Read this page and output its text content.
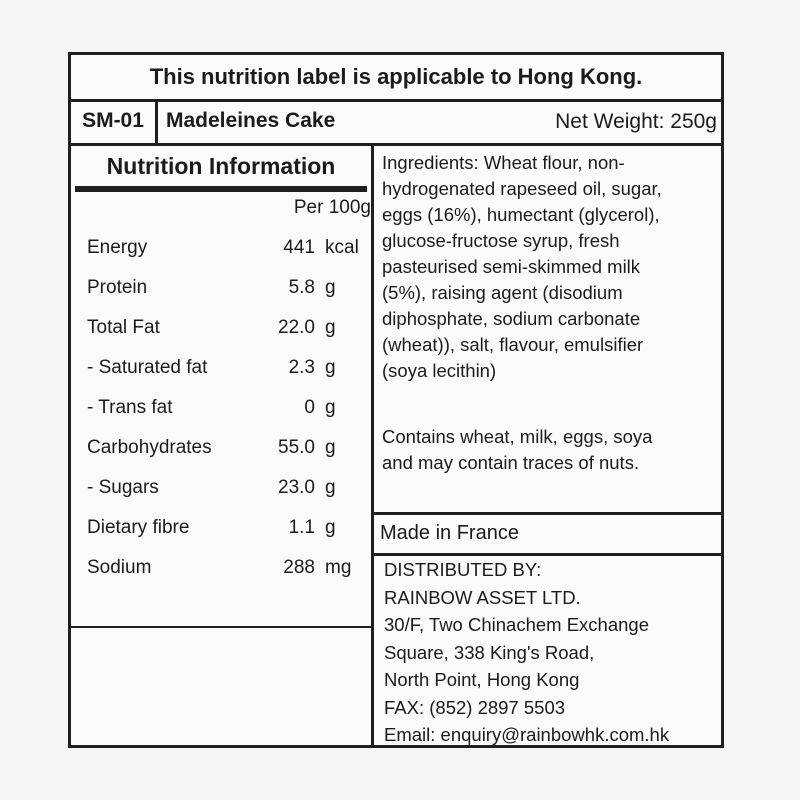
This nutrition label is applicable to Hong Kong.
SM-01	Madeleines Cake	Net Weight: 250g
Nutrition Information
Per 100g
Energy	441 kcal
Protein	5.8 g
Total Fat	22.0 g
- Saturated fat	2.3 g
- Trans fat	0 g
Carbohydrates	55.0 g
- Sugars	23.0 g
Dietary fibre	1.1 g
Sodium	288 mg
Ingredients: Wheat flour, non-
hydrogenated rapeseed oil, sugar,
eggs (16%), humectant (glycerol),
glucose-fructose syrup, fresh
pasteurised semi-skimmed milk
(5%), raising agent (disodium
diphosphate, sodium carbonate
(wheat)), salt, flavour, emulsifier
(soya lecithin)
Contains wheat, milk, eggs, soya
and may contain traces of nuts.
Made in France
DISTRIBUTED BY:
RAINBOW ASSET LTD.
30/F, Two Chinachem Exchange
Square, 338 King's Road,
North Point, Hong Kong
FAX: (852) 2897 5503
Email: enquiry@rainbowhk.com.hk
